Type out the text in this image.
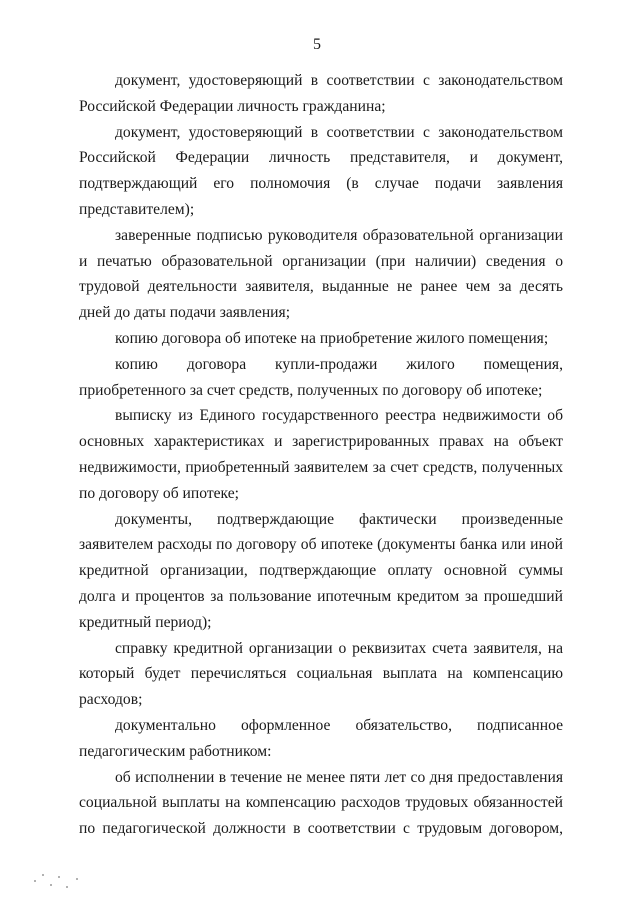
5

документ, удостоверяющий в соответствии с законодательством Российской Федерации личность гражданина;

документ, удостоверяющий в соответствии с законодательством Российской Федерации личность представителя, и документ, подтверждающий его полномочия (в случае подачи заявления представителем);

заверенные подписью руководителя образовательной организации и печатью образовательной организации (при наличии) сведения о трудовой деятельности заявителя, выданные не ранее чем за десять дней до даты подачи заявления;

копию договора об ипотеке на приобретение жилого помещения;

копию договора купли-продажи жилого помещения, приобретенного за счет средств, полученных по договору об ипотеке;

выписку из Единого государственного реестра недвижимости об основных характеристиках и зарегистрированных правах на объект недвижимости, приобретенный заявителем за счет средств, полученных по договору об ипотеке;

документы, подтверждающие фактически произведенные заявителем расходы по договору об ипотеке (документы банка или иной кредитной организации, подтверждающие оплату основной суммы долга и процентов за пользование ипотечным кредитом за прошедший кредитный период);

справку кредитной организации о реквизитах счета заявителя, на который будет перечисляться социальная выплата на компенсацию расходов;

документально оформленное обязательство, подписанное педагогическим работником:

об исполнении в течение не менее пяти лет со дня предоставления социальной выплаты на компенсацию расходов трудовых обязанностей по педагогической должности в соответствии с трудовым договором,
